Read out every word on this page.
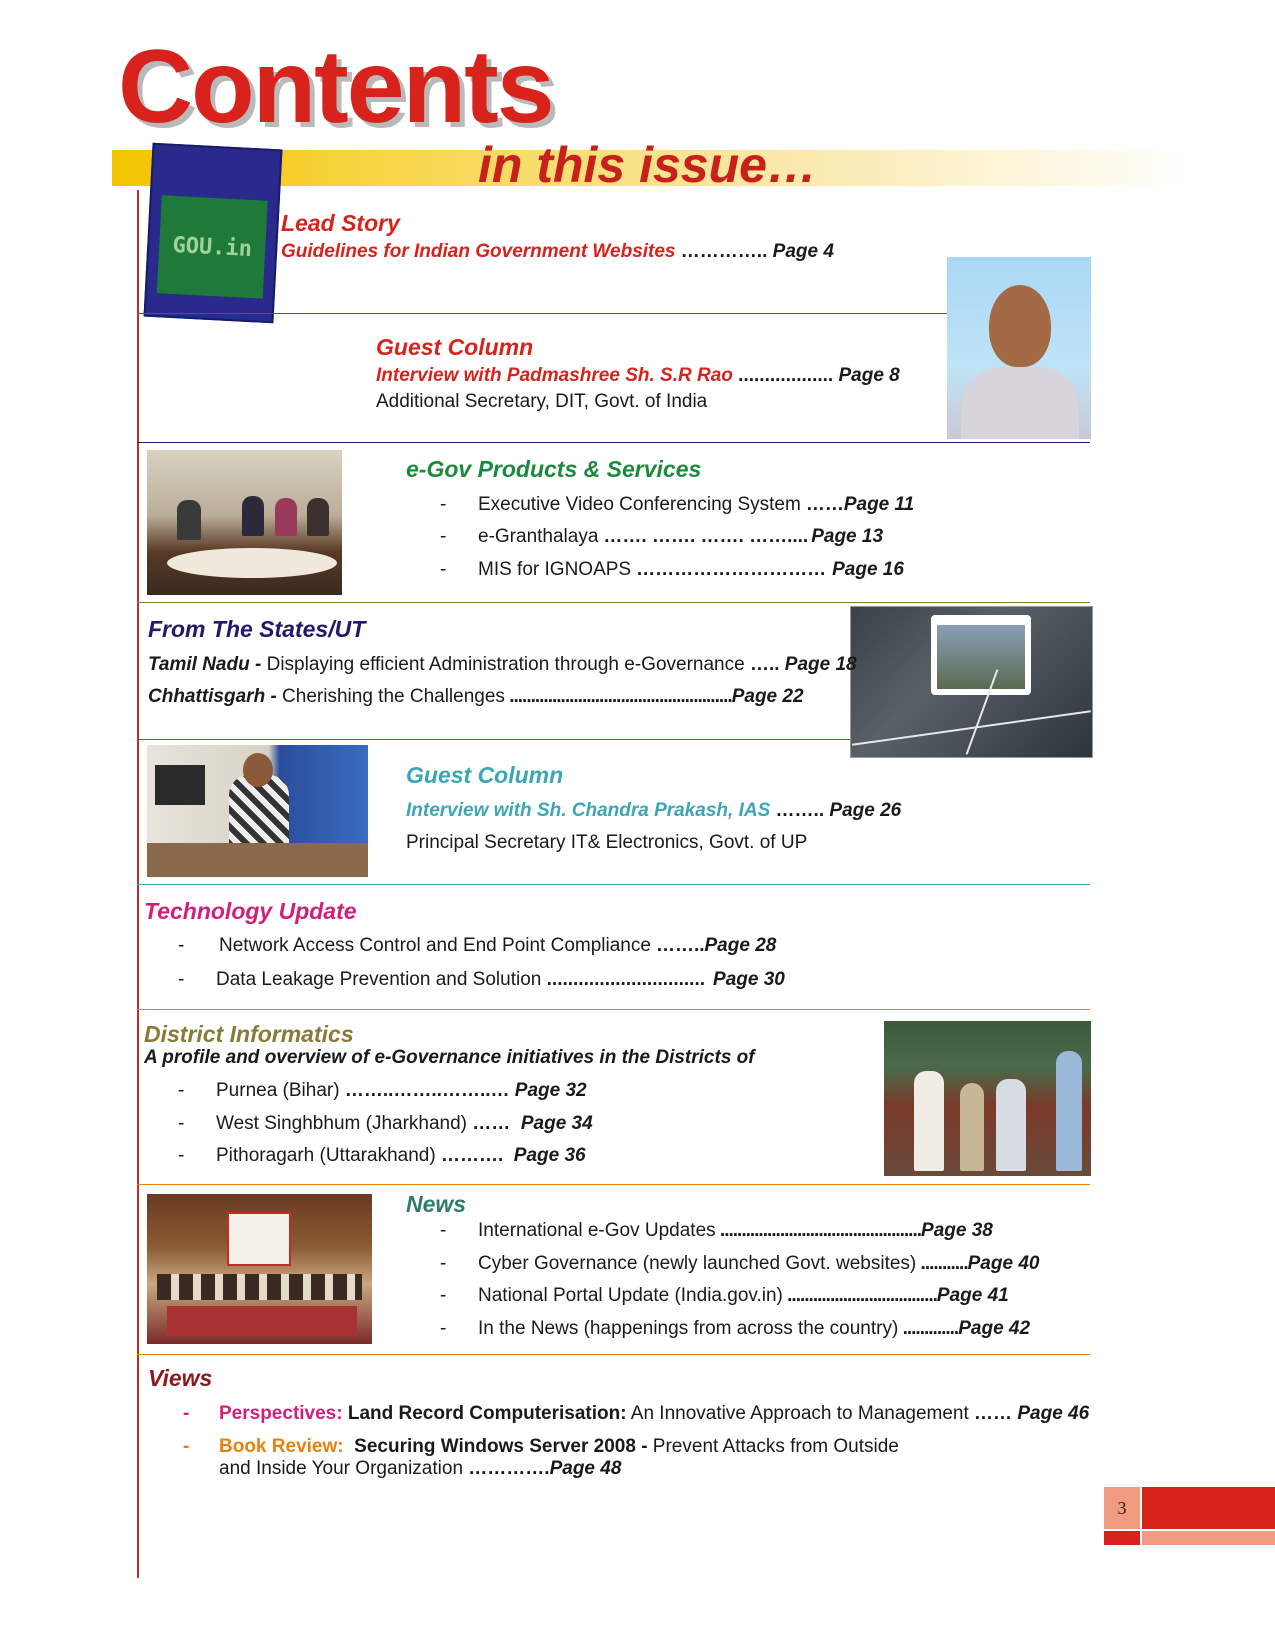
Contents
in this issue…
GOU.in
Lead Story
Guidelines for Indian Government Websites ………….. Page 4
Guest Column
Interview with Padmashree Sh. S.R Rao .................. Page 8
Additional Secretary, DIT, Govt. of India
e-Gov Products & Services
- Executive Video Conferencing System ……Page 11
- e-Granthalaya ……. ……. ……. …….... Page 13
- MIS for IGNOAPS ………………………… Page 16
From The States/UT
Tamil Nadu - Displaying efficient Administration through e-Governance ….. Page 18
Chhattisgarh - Cherishing the Challenges ....................................................Page 22
Guest Column
Interview with Sh. Chandra Prakash, IAS …….. Page 26
Principal Secretary IT& Electronics, Govt. of UP
Technology Update
- Network Access Control and End Point Compliance ……..Page 28
- Data Leakage Prevention and Solution .............................. Page 30
District Informatics
A profile and overview of e-Governance initiatives in the Districts of
- Purnea (Bihar) ……..……..……..… Page 32
- West Singhbhum (Jharkhand) …… Page 34
- Pithoragarh (Uttarakhand) ………. Page 36
News
- International e-Gov Updates ...............................................Page 38
- Cyber Governance (newly launched Govt. websites) ...........Page 40
- National Portal Update (India.gov.in) ...................................Page 41
- In the News (happenings from across the country) .............Page 42
Views
- Perspectives: Land Record Computerisation: An Innovative Approach to Management …… Page 46
- Book Review:  Securing Windows Server 2008 - Prevent Attacks from Outside
and Inside Your Organization ………….Page 48
3
